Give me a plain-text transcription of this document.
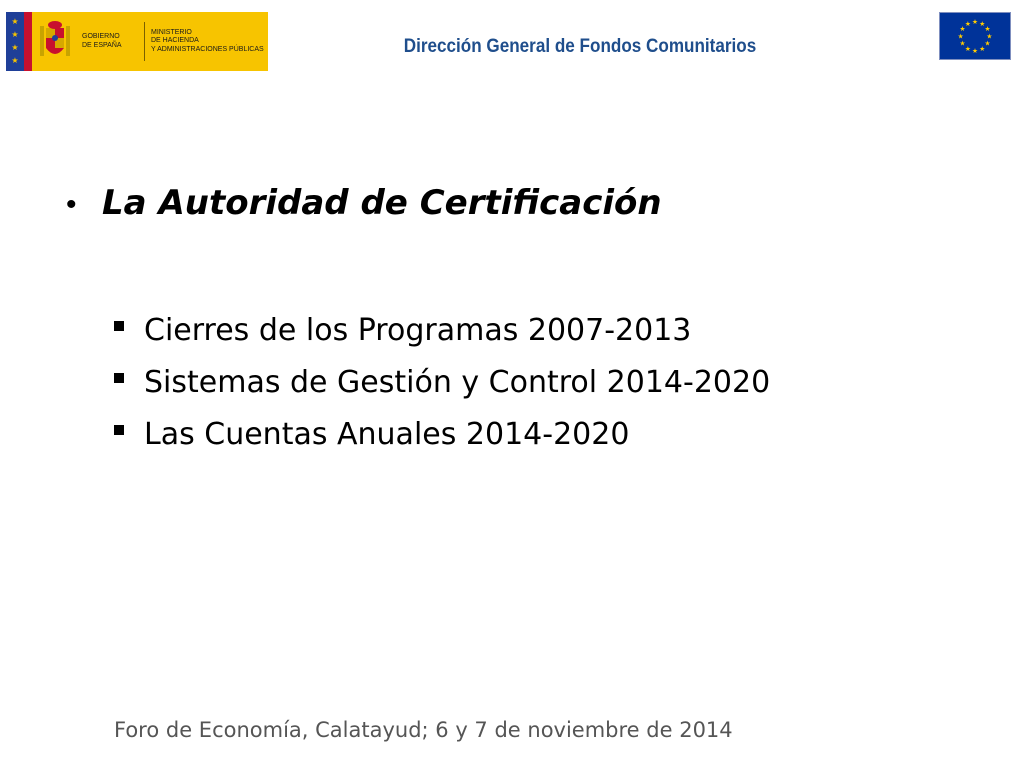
★
★
★
★
GOBIERNO
DE ESPAÑA
MINISTERIO
DE HACIENDA
Y ADMINISTRACIONES PÚBLICAS	Dirección General de Fondos Comunitarios
★ ★
★
★
★
★
★
★
★
★
★
★
• La Autoridad de Certificación
Cierres de los Programas 2007-2013
Sistemas de Gestión y Control 2014-2020
Las Cuentas Anuales 2014-2020
Foro de Economía, Calatayud; 6 y 7 de noviembre de 2014
